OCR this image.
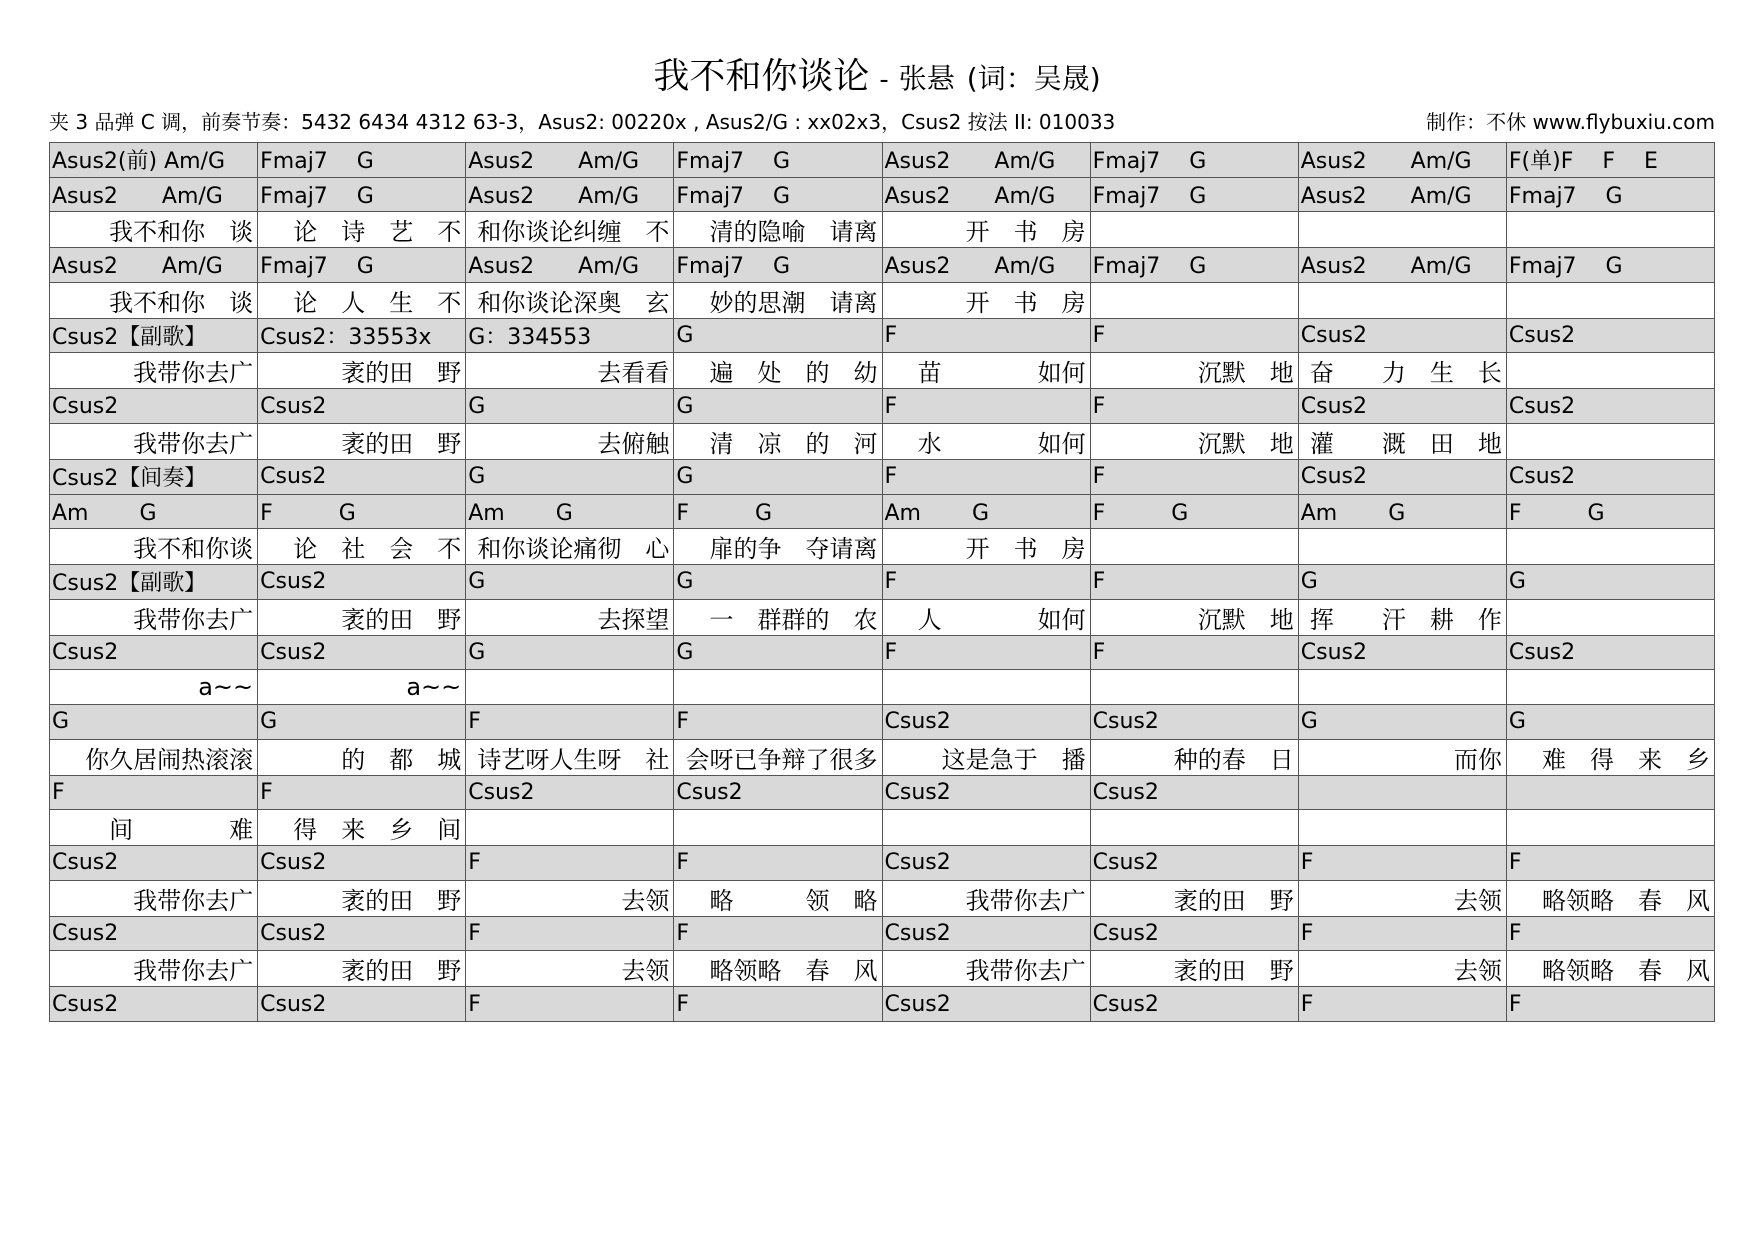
我不和你谈论 - 张悬 (词：吴晟)
夹 3 品弹 C 调，前奏节奏：5432 6434 4312 63-3，Asus2: 00220x , Asus2/G : xx02x3，Csus2 按法 II: 010033	制作：不休 www.flybuxiu.com
Asus2(前) Am/G	Fmaj7　 G	Asus2　　Am/G	Fmaj7　 G	Asus2　　Am/G	Fmaj7　 G	Asus2　　Am/G	F(单)F　 F　 E
Asus2　　Am/G	Fmaj7　 G	Asus2　　Am/G	Fmaj7　 G	Asus2　　Am/G	Fmaj7　 G	Asus2　　Am/G	Fmaj7　 G
我不和你　谈	论　诗　艺　不	和你谈论纠缠　不	清的隐喻　请离	开　书　房			
Asus2　　Am/G	Fmaj7　 G	Asus2　　Am/G	Fmaj7　 G	Asus2　　Am/G	Fmaj7　 G	Asus2　　Am/G	Fmaj7　 G
我不和你　谈	论　人　生　不	和你谈论深奥　玄	妙的思潮　请离	开　书　房			
Csus2【副歌】	Csus2：33553x	G：334553	G	F	F	Csus2	Csus2
我带你去广	袤的田　野	去看看	遍　处　的　幼	苗　　　　如何	沉默　地	奋　　力　生　长	
Csus2	Csus2	G	G	F	F	Csus2	Csus2
我带你去广	袤的田　野	去俯触	清　凉　的　河	水　　　　如何	沉默　地	灌　　溉　田　地	
Csus2【间奏】	Csus2	G	G	F	F	Csus2	Csus2
Am　　 G	F　　　G	Am　　 G	F　　　G	Am　　 G	F　　　G	Am　　 G	F　　　G
我不和你谈	论　社　会　不	和你谈论痛彻　心	扉的争　夺请离	开　书　房			
Csus2【副歌】	Csus2	G	G	F	F	G	G
我带你去广	袤的田　野	去探望	一　群群的　农	人　　　　如何	沉默　地	挥　　汗　耕　作	
Csus2	Csus2	G	G	F	F	Csus2	Csus2
a~~	a~~						
G	G	F	F	Csus2	Csus2	G	G
你久居闹热滚滚	的　都　城	诗艺呀人生呀　社	会呀已争辩了很多	这是急于　播	种的春　日	而你	难　得　来　乡
F	F	Csus2	Csus2	Csus2	Csus2		
间　　　　难	得　来　乡　间						
Csus2	Csus2	F	F	Csus2	Csus2	F	F
我带你去广	袤的田　野	去领	略　　　领　略	我带你去广	袤的田　野	去领	略领略　春　风
Csus2	Csus2	F	F	Csus2	Csus2	F	F
我带你去广	袤的田　野	去领	略领略　春　风	我带你去广	袤的田　野	去领	略领略　春　风
Csus2	Csus2	F	F	Csus2	Csus2	F	F
